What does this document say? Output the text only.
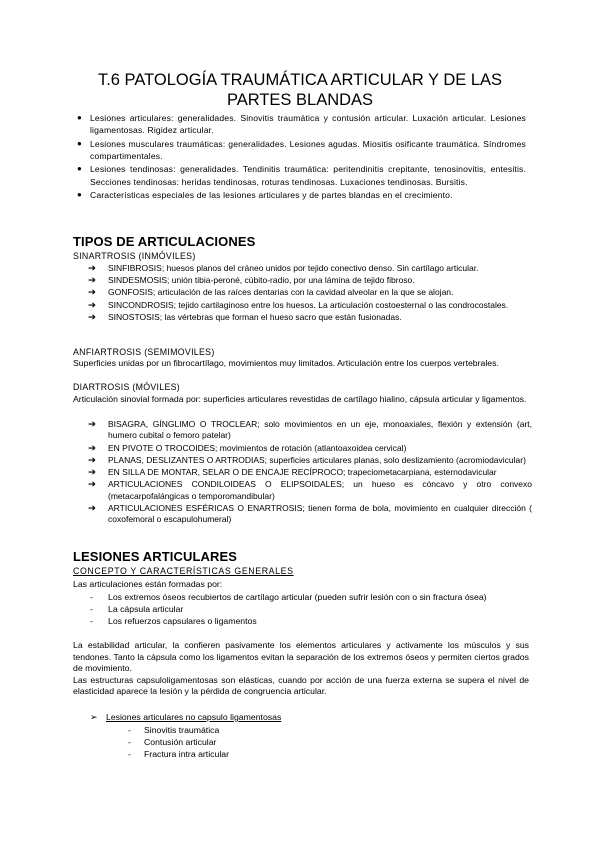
T.6 PATOLOGÍA TRAUMÁTICA ARTICULAR Y DE LAS PARTES BLANDAS
● Lesiones articulares: generalidades. Sinovitis traumática y contusión articular. Luxación articular. Lesiones ligamentosas. Rigidez articular.
● Lesiones musculares traumáticas: generalidades. Lesiones agudas. Miositis osificante traumática. Síndromes compartimentales.
● Lesiones tendinosas: generalidades. Tendinitis traumática: peritendinitis crepitante, tenosinovitis, entesitis. Secciones tendinosas: heridas tendinosas, roturas tendinosas. Luxaciones tendinosas. Bursitis.
● Características especiales de las lesiones articulares y de partes blandas en el crecimiento.
TIPOS DE ARTICULACIONES
SINARTROSIS (INMÓVILES)
➔ SINFIBROSIS; huesos planos del cráneo unidos por tejido conectivo denso. Sin cartílago articular.
➔ SINDESMOSIS; unión tibia-peroné, cúbito-radio, por una lámina de tejido fibroso.
➔ GONFOSIS; articulación de las raíces dentarias con la cavidad alveolar en la que se alojan.
➔ SINCONDROSIS; tejido cartilaginoso entre los huesos. La articulación costoesternal o las condrocostales.
➔ SINOSTOSIS; las vértebras que forman el hueso sacro que están fusionadas.
ANFIARTROSIS (SEMIMOVILES)
Superficies unidas por un fibrocartílago, movimientos muy limitados. Articulación entre los cuerpos vertebrales.
DIARTROSIS (MÓVILES)
Articulación sinovial formada por: superficies articulares revestidas de cartílago hialino, cápsula articular y ligamentos.
➔ BISAGRA, GÍNGLIMO O TROCLEAR; solo movimientos en un eje, monoaxiales, flexión y extensión (art, humero cubital o femoro patelar)
➔ EN PIVOTE O TROCOIDES; movimientos de rotación (atlantoaxoidea cervical)
➔ PLANAS, DESLIZANTES O ARTRODIAS; superficies articulares planas, solo deslizamiento (acromiodavicular)
➔ EN SILLA DE MONTAR, SELAR O DE ENCAJE RECÍPROCO; trapeciometacarpiana, esternodavicular
➔ ARTICULACIONES CONDILOIDEAS O ELIPSOIDALES; un hueso es cóncavo y otro convexo (metacarpofalángicas o temporomandibular)
➔ ARTICULACIONES ESFÉRICAS O ENARTROSIS; tienen forma de bola, movimiento en cualquier dirección ( coxofemoral o escapulohumeral)
LESIONES ARTICULARES
CONCEPTO Y CARACTERÍSTICAS GENERALES
Las articulaciones están formadas por:
- Los extremos óseos recubiertos de cartílago articular (pueden sufrir lesión con o sin fractura ósea)
- La cápsula articular
- Los refuerzos capsulares o ligamentos

La estabilidad articular, la confieren pasivamente los elementos articulares y activamente los músculos y sus tendones. Tanto la cápsula como los ligamentos evitan la separación de los extremos óseos y permiten ciertos grados de movimiento.

Las estructuras capsuloligamentosas son elásticas, cuando por acción de una fuerza externa se supera el nivel de elasticidad aparece la lesión y la pérdida de congruencia articular.

➢ Lesiones articulares no capsulo ligamentosas
- Sinovitis traumática
- Contusión articular
- Fractura intra articular
